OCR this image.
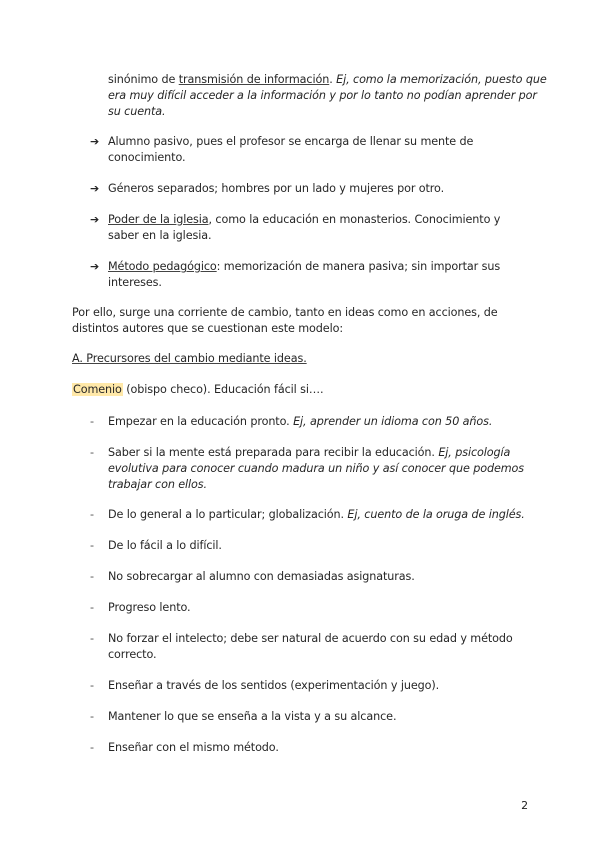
sinónimo de transmisión de información. Ej, como la memorización, puesto que era muy difícil acceder a la información y por lo tanto no podían aprender por su cuenta.
➔ Alumno pasivo, pues el profesor se encarga de llenar su mente de conocimiento.
➔ Géneros separados; hombres por un lado y mujeres por otro.
➔ Poder de la iglesia, como la educación en monasterios. Conocimiento y saber en la iglesia.
➔ Método pedagógico: memorización de manera pasiva; sin importar sus intereses.
Por ello, surge una corriente de cambio, tanto en ideas como en acciones, de distintos autores que se cuestionan este modelo:
A. Precursores del cambio mediante ideas.
Comenio (obispo checo). Educación fácil si….
-	Empezar en la educación pronto. Ej, aprender un idioma con 50 años.
-	Saber si la mente está preparada para recibir la educación. Ej, psicología evolutiva para conocer cuando madura un niño y así conocer que podemos trabajar con ellos.
-	De lo general a lo particular; globalización. Ej, cuento de la oruga de inglés.
-	De lo fácil a lo difícil.
-	No sobrecargar al alumno con demasiadas asignaturas.
-	Progreso lento.
-	No forzar el intelecto; debe ser natural de acuerdo con su edad y método correcto.
-	Enseñar a través de los sentidos (experimentación y juego).
-	Mantener lo que se enseña a la vista y a su alcance.
-	Enseñar con el mismo método.
2
